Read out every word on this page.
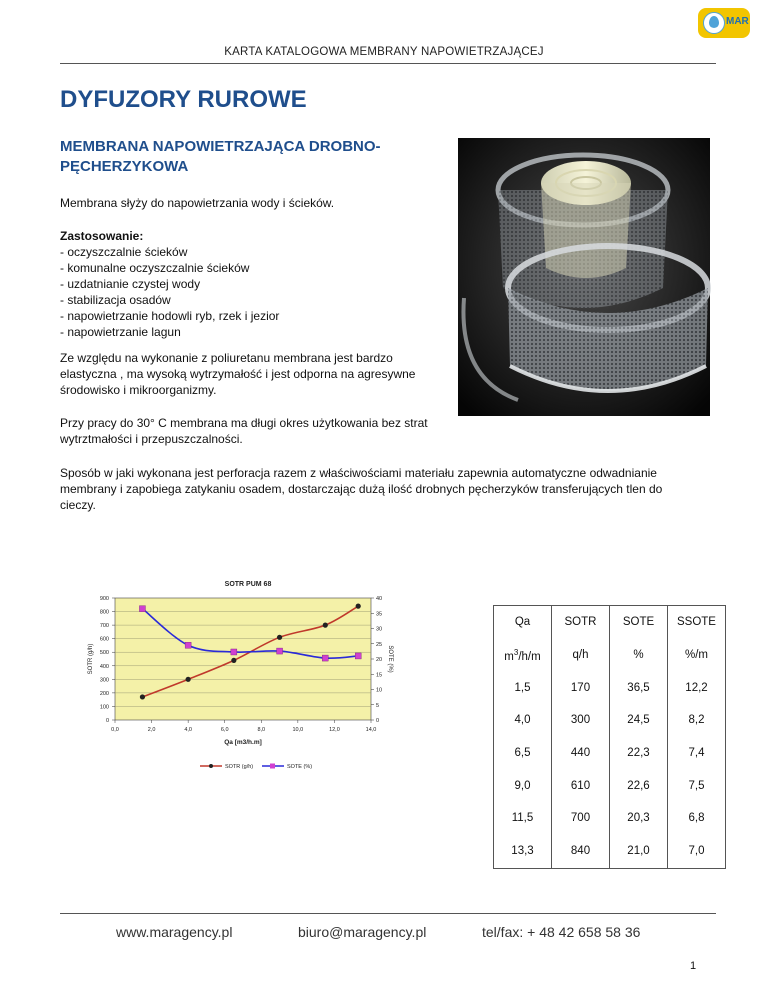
KARTA KATALOGOWA MEMBRANY NAPOWIETRZAJĄCEJ
MAR
DYFUZORY RUROWE
MEMBRANA NAPOWIETRZAJĄCA DROBNO-PĘCHERZYKOWA
Membrana słyży do napowietrzania wody i ścieków.
Zastosowanie:
- oczyszczalnie ścieków
- komunalne oczyszczalnie ścieków
- uzdatnianie czystej wody
- stabilizacja osadów
- napowietrzanie hodowli ryb, rzek i jezior
- napowietrzanie lagun
Ze względu na wykonanie z poliuretanu membrana jest bardzo elastyczna , ma wysoką wytrzymałość i jest odporna na agresywne środowisko i mikroorganizmy.
Przy pracy do 30° C membrana ma długi okres użytkowania bez strat wytrztmałości i przepuszczalności.
Sposób w jaki wykonana jest perforacja razem z właściwościami materiału zapewnia automatyczne odwadnianie membrany i zapobiega zatykaniu osadem, dostarczając dużą ilość drobnych pęcherzyków transferujących tlen do cieczy.
SOTR PUM 68
0
100
200
300
400
500
600
700
800
900
0
5
10
15
20
25
30
35
40
0,0	2,0	4,0	6,0	8,0	10,0	12,0	14,0
SOTR (g/h)	SOTE (%)
Qa [m3/h.m]
SOTR (g/h)	SOTE (%)
Qa	SOTR	SOTE	SSOTE
$m^3/h/m$	q/h	%	%/m
1,5	170	36,5	12,2
4,0	300	24,5	8,2
6,5	440	22,3	7,4
9,0	610	22,6	7,5
11,5	700	20,3	6,8
13,3	840	21,0	7,0
www.maragency.pl	biuro@maragency.pl	tel/fax: + 48 42 658 58 36
1
